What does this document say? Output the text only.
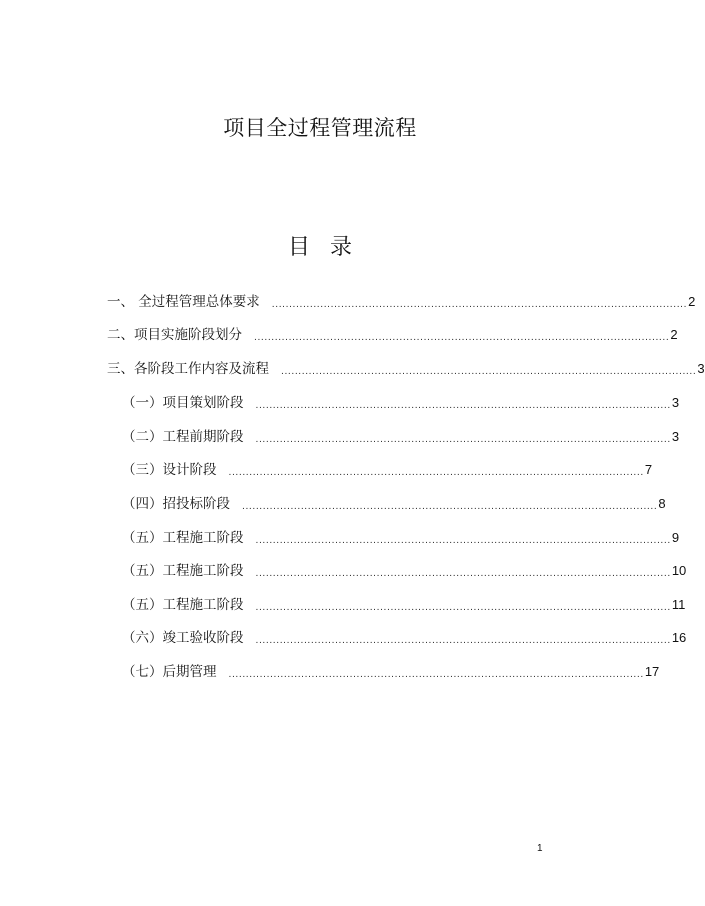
项目全过程管理流程
目 录
一、 全过程管理总体要求 ........................................................................................................................ 2
二、项目实施阶段划分 ........................................................................................................................ 2
三、各阶段工作内容及流程 ........................................................................................................................ 3
（一）项目策划阶段 ........................................................................................................................ 3
（二）工程前期阶段 ........................................................................................................................ 3
（三）设计阶段 ........................................................................................................................ 7
（四）招投标阶段 ........................................................................................................................ 8
（五）工程施工阶段 ........................................................................................................................ 9
（五）工程施工阶段 ........................................................................................................................ 10
（五）工程施工阶段 ........................................................................................................................ 11
（六）竣工验收阶段 ........................................................................................................................ 16
（七）后期管理 ........................................................................................................................ 17
1
